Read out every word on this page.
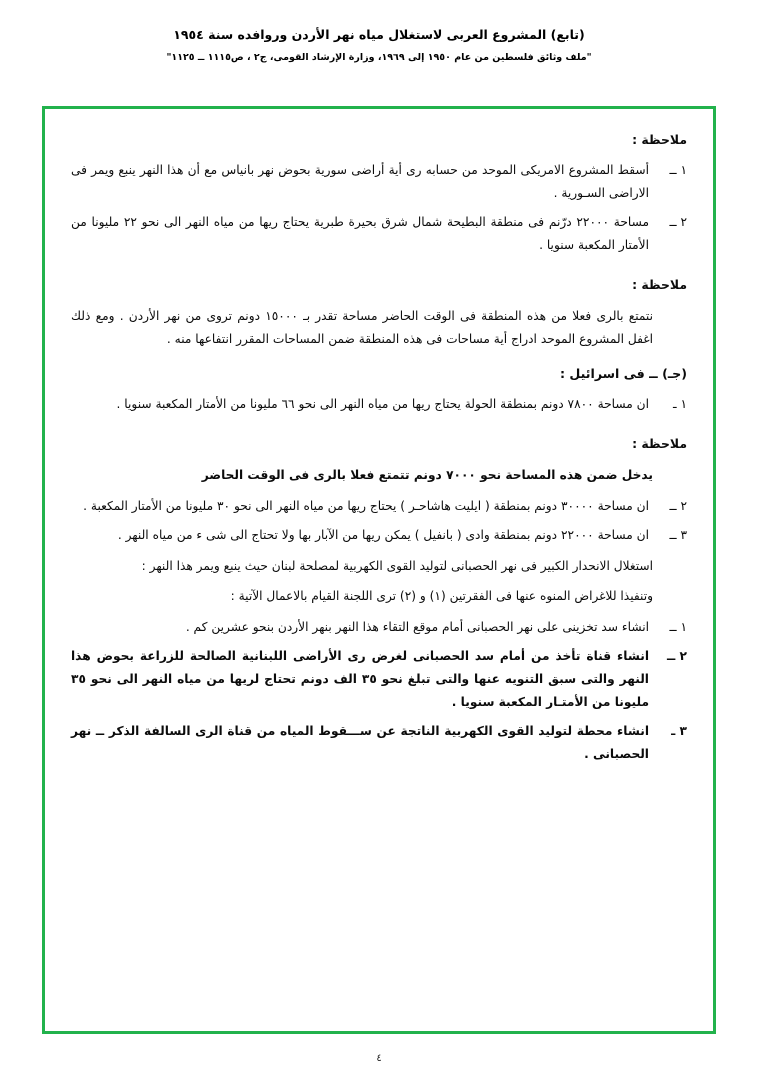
(تابع) المشروع العربى لاستغلال مياه نهر الأردن وروافده سنة ١٩٥٤
"ملف وثائق فلسطين من عام ١٩٥٠ إلى ١٩٦٩، وزارة الإرشاد القومى، ج٢ ، ص١١١٥ ــ ١١٢٥"
ملاحظة :
١ ــ
أسقط المشروع الامريكى الموحد من حسابه رى أية أراضى سورية بحوض نهر بانياس مع أن هذا النهر ينبع ويمر فى الاراضى السـورية .
٢ ــ
مساحة ٢٢٠٠٠ درّنم فى منطقة البطيحة شمال شرق بحيرة طبرية يحتاج ريها من مياه النهر الى نحو ٢٢ مليونا من الأمتار المكعبة سنويا .
ملاحظة :
نتمتع بالرى فعلا من هذه المنطقة فى الوقت الحاضر مساحة تقدر بـ ١٥٠٠٠ دونم تروى من نهر الأردن . ومع ذلك اغفل المشروع الموحد ادراج أية مساحات فى هذه المنطقة ضمن المساحات المقرر انتفاعها منه .
(جـ) ــ فى اسرائيل :
١ ـ
ان مساحة ٧٨٠٠ دونم بمنطقة الحولة يحتاج ريها من مياه النهر الى نحو ٦٦ مليونا من الأمتار المكعبة سنويا .
ملاحظة :
يدخل ضمن هذه المساحة نحو ٧٠٠٠ دونم تتمتع فعلا بالرى فى الوقت الحاضر
٢ ــ
ان مساحة ٣٠٠٠٠ دونم بمنطقة ( ايليت هاشاحـر ) يحتاج ريها من مياه النهر الى نحو ٣٠ مليونا من الأمتار المكعبة .
٣ ــ
ان مساحة ٢٢٠٠٠ دونم بمنطقة وادى ( بانفيل ) يمكن ريها من الآبار بها ولا تحتاج الى شى ء من مياه النهر .
استغلال الانحدار الكبير فى نهر الحصبانى لتوليد القوى الكهربية لمصلحة لبنان حيث ينبع ويمر هذا النهر :
وتنفيذا للاغراض المنوه عنها فى الفقرتين (١) و (٢) ترى اللجنة القيام بالاعمال الآتية :
١ ــ
انشاء سد تخزينى على نهر الحصبانى أمام موقع التقاء هذا النهر بنهر الأردن بنحو عشرين كم .
٢ ــ
انشاء قناة تأخذ من أمام سد الحصبانى لغرض رى الأراضى اللبنانية الصالحة للزراعة بحوض هذا النهر والتى سبق التنويه عنها والتى تبلغ نحو ٣٥ الف دونم تحتاج لريها من مياه النهر الى نحو ٣٥ مليونا من الأمتـار المكعبة سنويا .
٣ ـ
انشاء محطة لتوليد القوى الكهربية الناتجة عن ســـقوط المياه من قناة الرى السالفة الذكر ــ نهر الحصبانى .
٤
